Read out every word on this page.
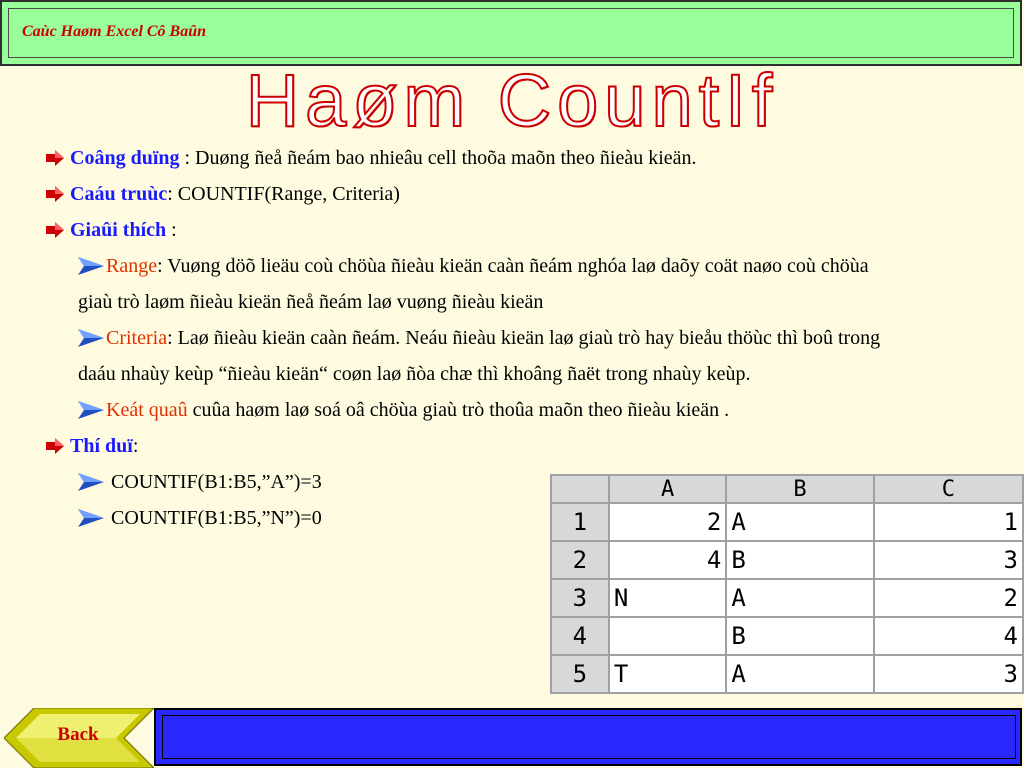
Caùc Haøm Excel Cô Baûn
Haøm CountIf
Coâng duïng : Duøng ñeå ñeám bao nhieâu cell thoõa maõn theo ñieàu kieän.
Caáu truùc: COUNTIF(Range, Criteria)
Giaûi thích :
Range: Vuøng döõ lieäu coù chöùa ñieàu kieän caàn ñeám nghóa laø daõy coät naøo coù chöùa
giaù trò laøm ñieàu kieän ñeå ñeám laø vuøng ñieàu kieän
Criteria: Laø ñieàu kieän caàn ñeám. Neáu ñieàu kieän laø giaù trò hay bieåu thöùc thì boû trong
daáu nhaùy keùp “ñieàu kieän“ coøn laø ñòa chæ thì khoâng ñaët trong nhaùy keùp.
Keát quaû cuûa haøm laø soá oâ chöùa giaù trò thoûa maõn theo ñieàu kieän .
Thí duï:
COUNTIF(B1:B5,”A”)=3
COUNTIF(B1:B5,”N”)=0
	A	B	C
1	2	A	1
2	4	B	3
3	N	A	2
4		B	4
5	T	A	3
Back
